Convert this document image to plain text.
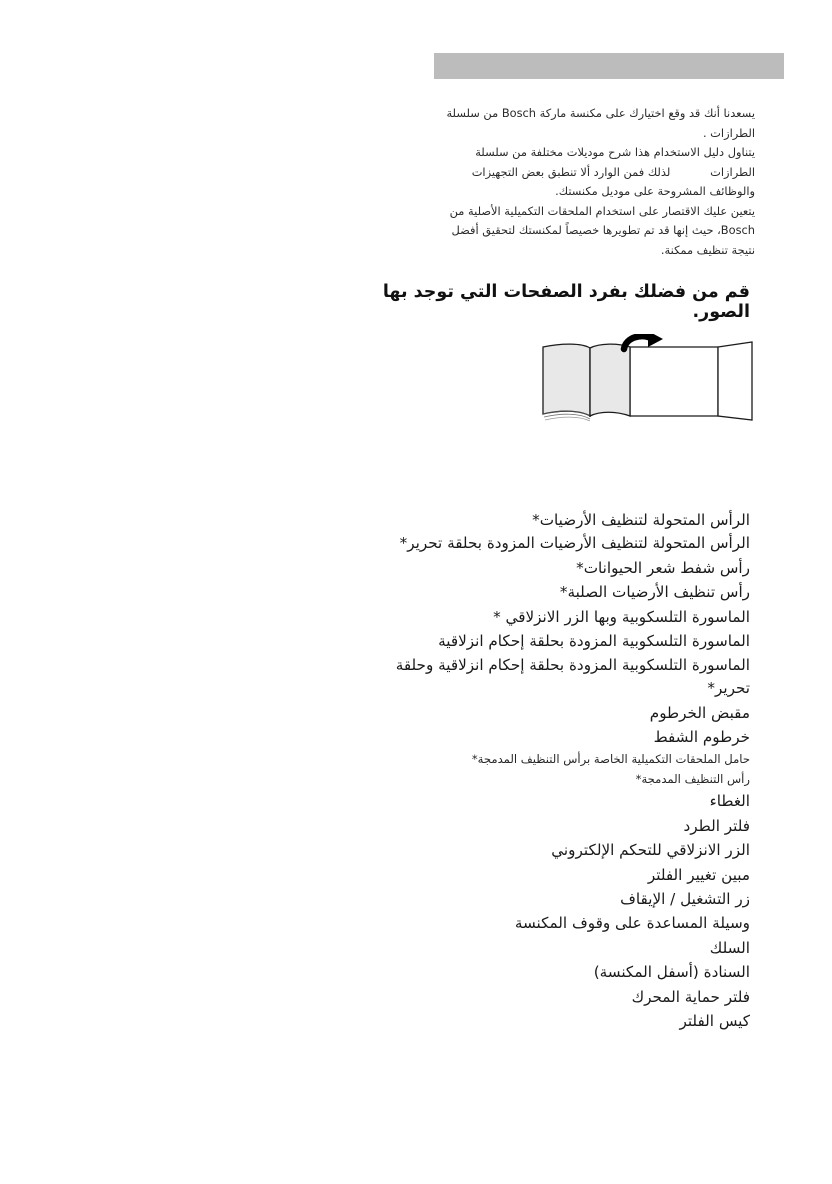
يسعدنا أنك قد وقع اختيارك على مكنسة ماركة Bosch من سلسلة
الطرازات .
يتناول دليل الاستخدام هذا شرح موديلات مختلفة من سلسلة
الطرازات           لذلك فمن الوارد ألا تنطبق بعض التجهيزات
والوظائف المشروحة على موديل مكنستك.
يتعين عليك الاقتصار على استخدام الملحقات التكميلية الأصلية من
Bosch، حيث إنها قد تم تطويرها خصيصاً لمكنستك لتحقيق أفضل
نتيجة تنظيف ممكنة.
قم من فضلك بفرد الصفحات التي توجد بها الصور.
الرأس المتحولة لتنظيف الأرضيات*
الرأس المتحولة لتنظيف الأرضيات المزودة بحلقة تحرير*
رأس شفط شعر الحيوانات*
رأس تنظيف الأرضيات الصلبة*
الماسورة التلسكوبية وبها الزر الانزلاقي *
الماسورة التلسكوبية المزودة بحلقة إحكام انزلاقية
الماسورة التلسكوبية المزودة بحلقة إحكام انزلاقية وحلقة تحرير*
مقبض الخرطوم
خرطوم الشفط
حامل الملحقات التكميلية الخاصة برأس التنظيف المدمجة*
رأس التنظيف المدمجة*
الغطاء
فلتر الطرد
الزر الانزلاقي للتحكم الإلكتروني
مبين تغيير الفلتر
زر التشغيل / الإيقاف
وسيلة المساعدة على وقوف المكنسة
السلك
السنادة (أسفل المكنسة)
فلتر حماية المحرك
كيس الفلتر
